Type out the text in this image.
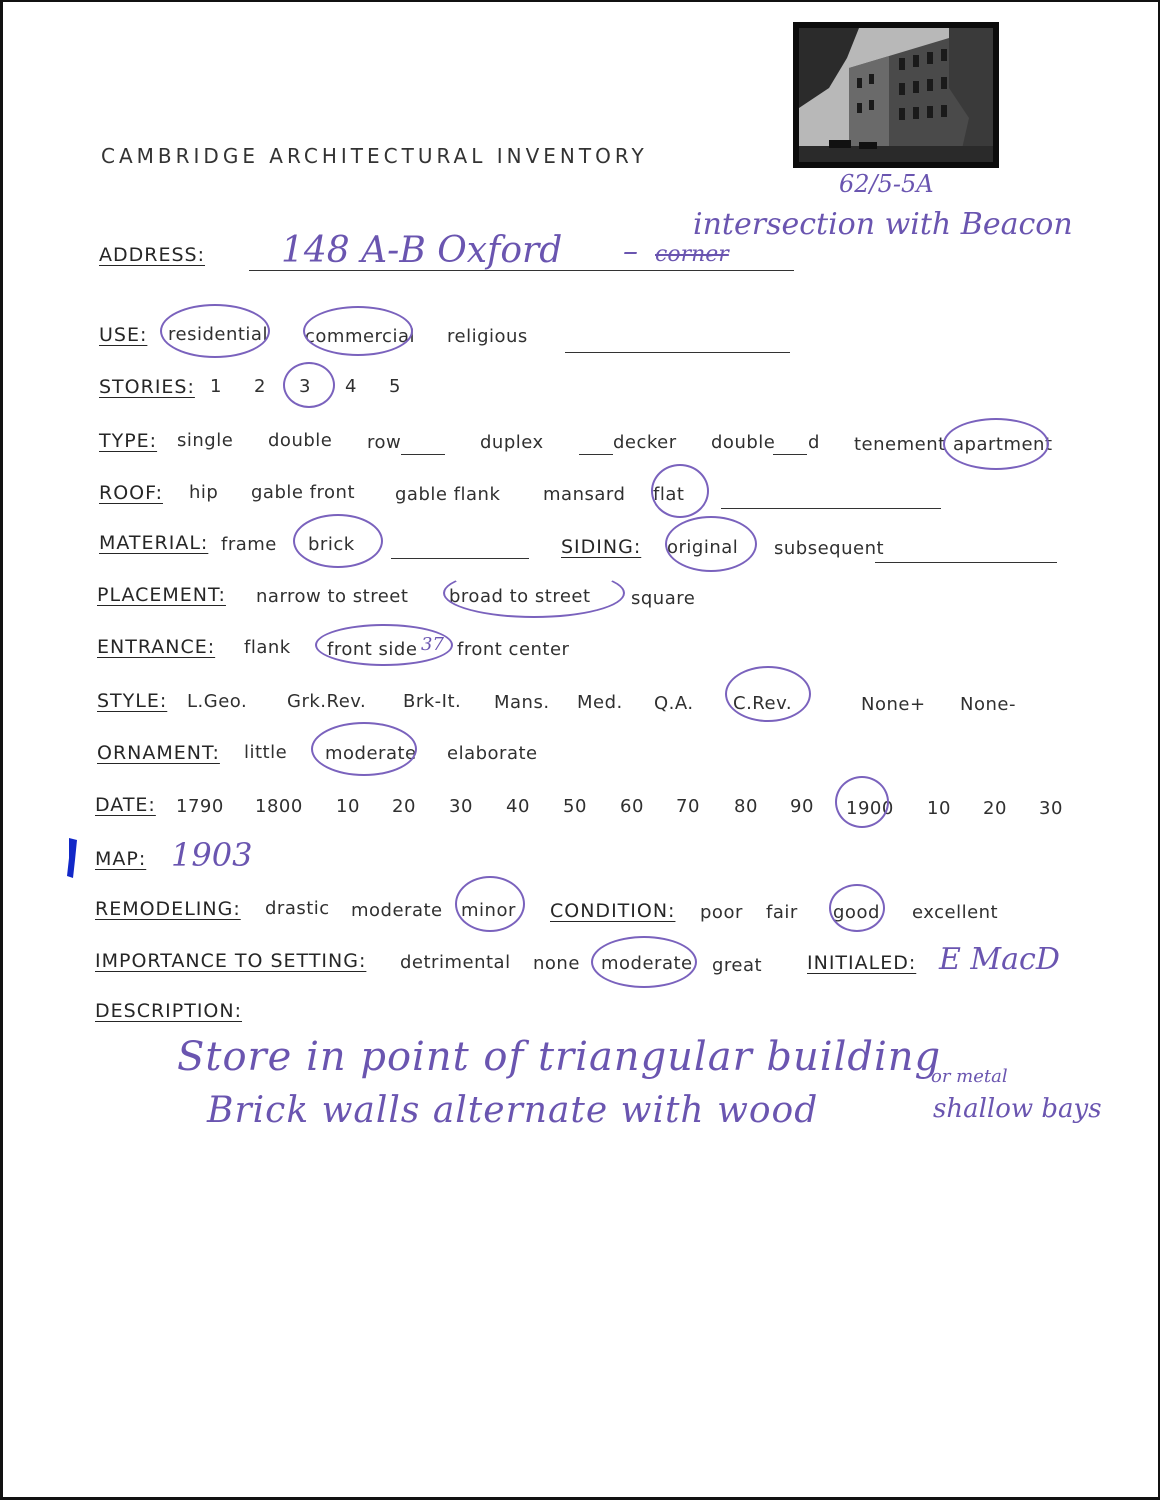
62/5-5A
CAMBRIDGE ARCHITECTURAL INVENTORY
ADDRESS: 148 A-B Oxford – corner
intersection with Beacon
USE: residential commercial religious
STORIES: 1 2 3 4 5
TYPE: single double row	duplex	decker double d tenement apartment
ROOF: hip gable front gable flank mansard flat
MATERIAL: frame brick	SIDING: original subsequent
PLACEMENT: narrow to street broad to street square
ENTRANCE: flank front side 37 front center
STYLE: L.Geo. Grk.Rev. Brk-It. Mans. Med. Q.A. C.Rev.	None+ None-
ORNAMENT: little moderate elaborate
DATE: 1790 1800 10 20 30 40 50 60 70 80 90 1900 10 20 30
MAP: 1903
REMODELING: drastic moderate minor CONDITION: poor fair good excellent
IMPORTANCE TO SETTING: detrimental none moderate great INITIALED: E MacD
DESCRIPTION:
Store in point of triangular building
Brick walls alternate with wood
or metal
shallow bays
